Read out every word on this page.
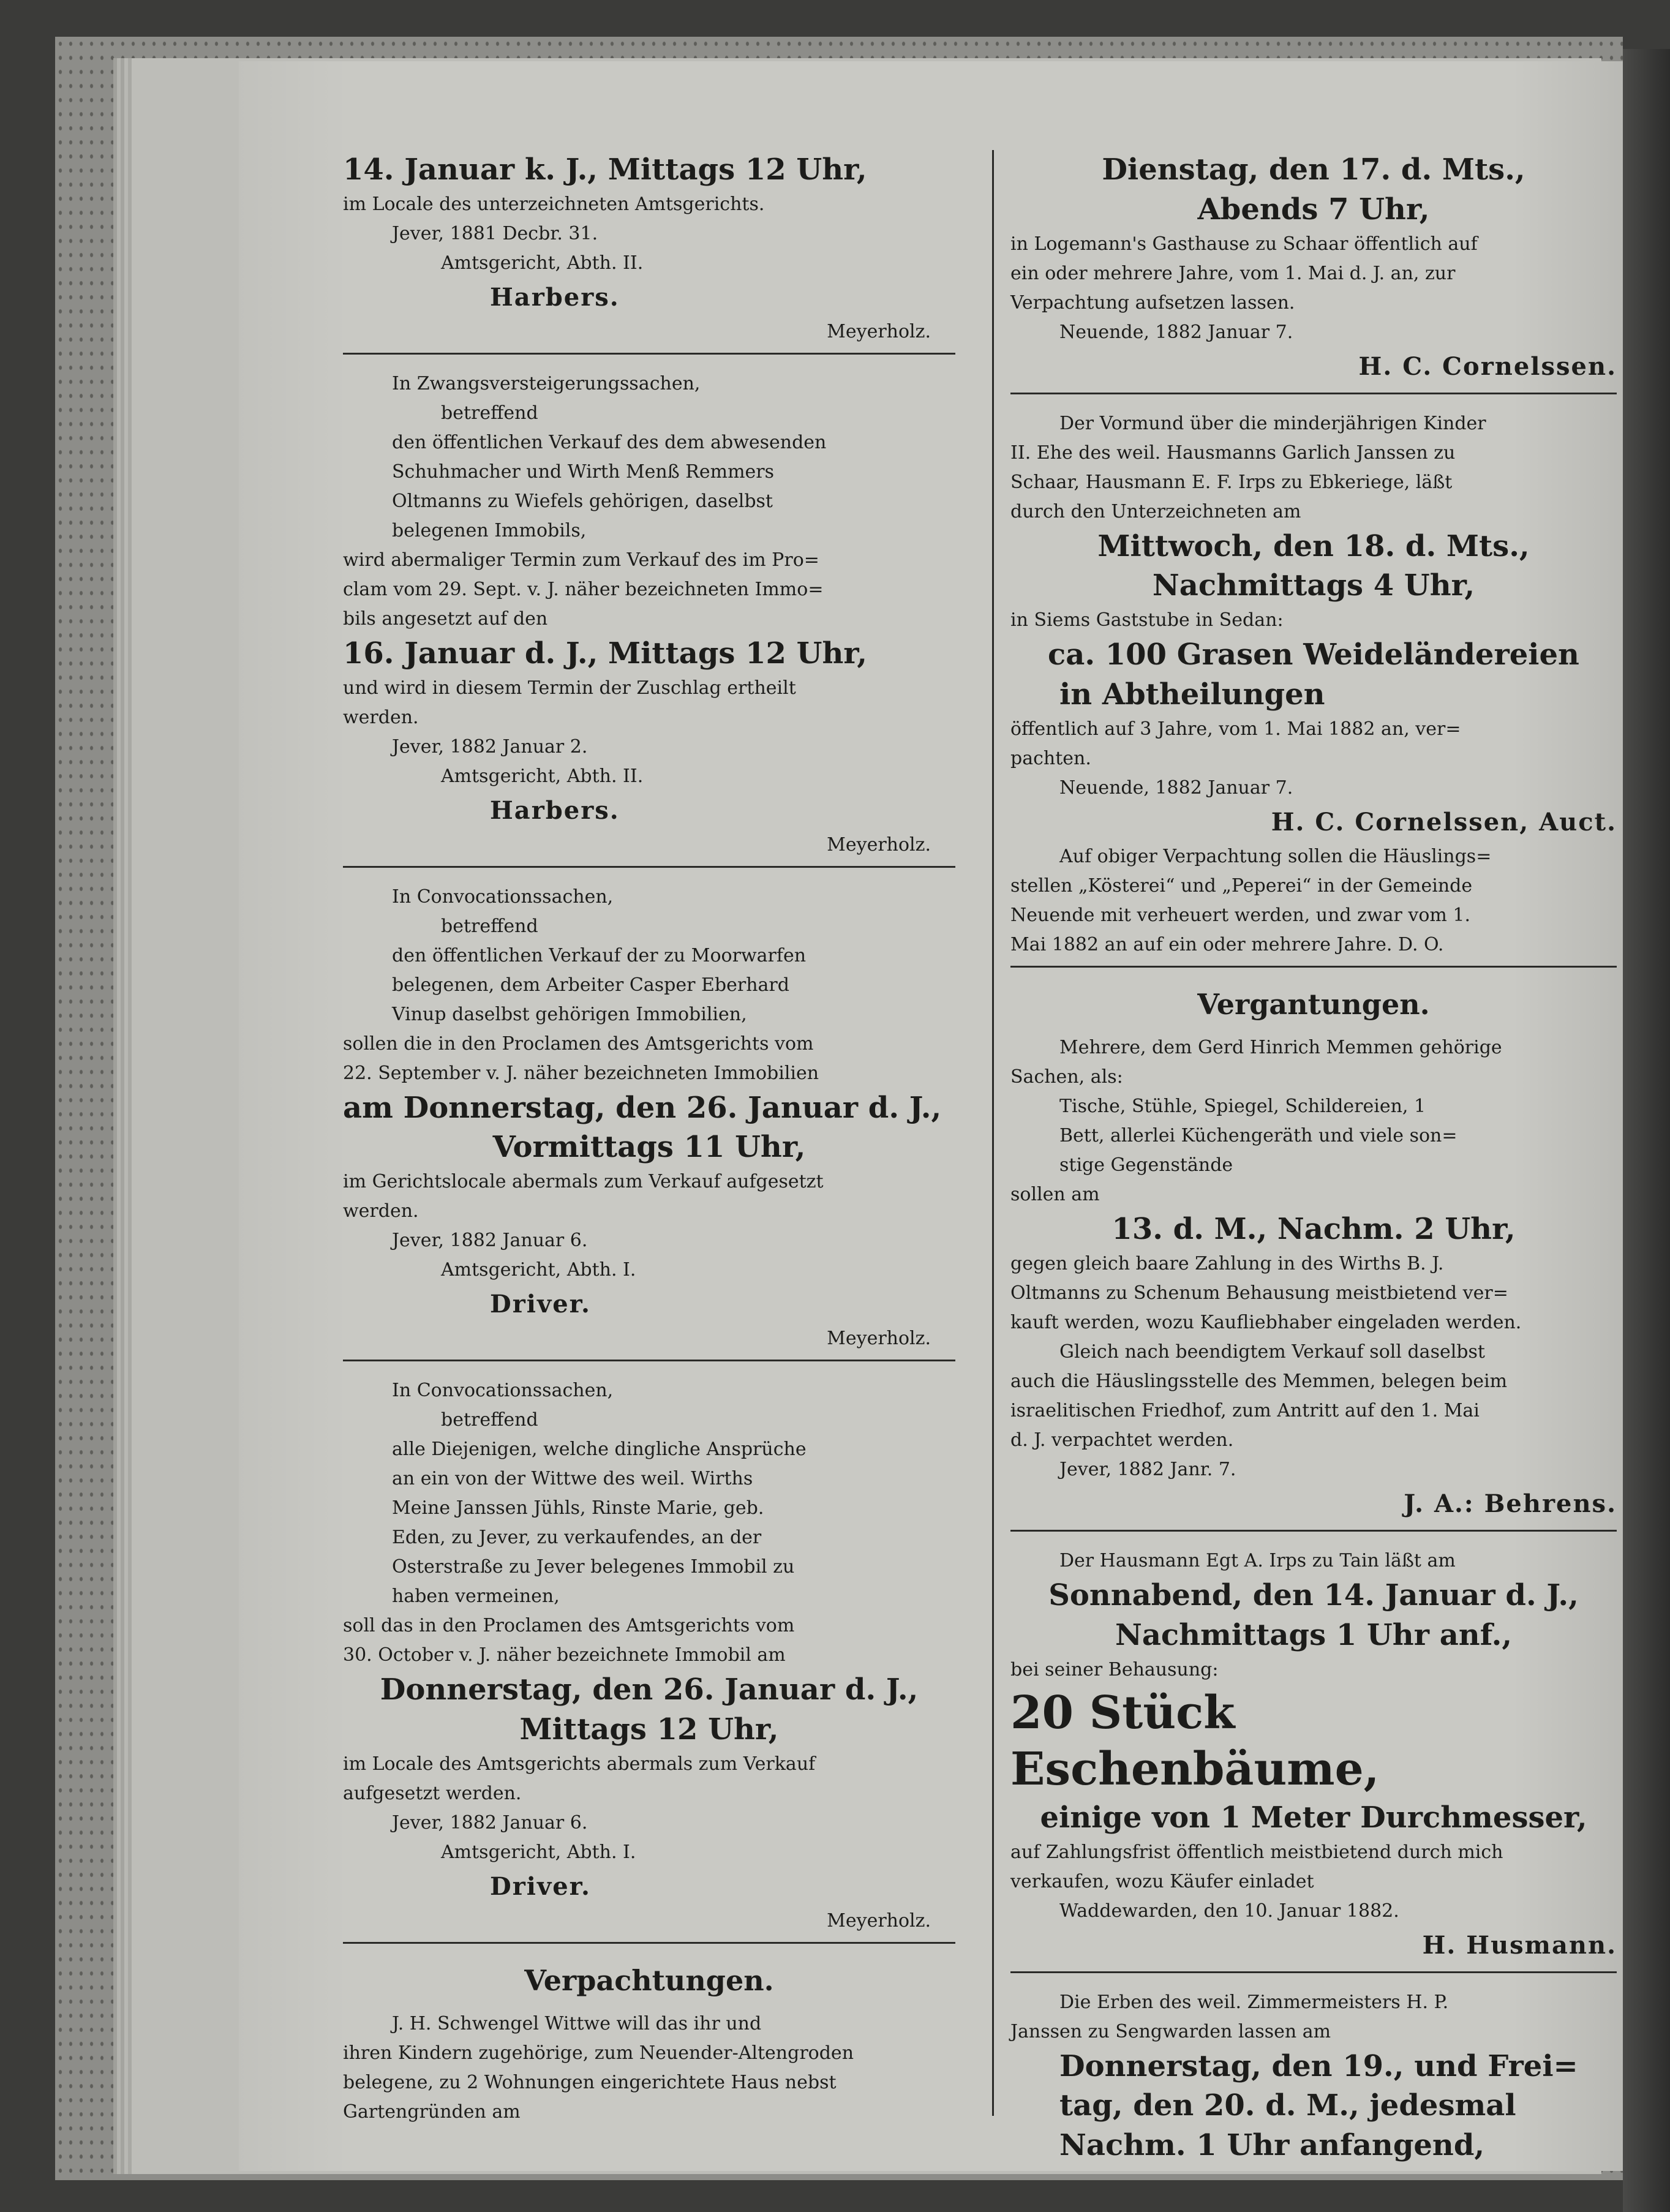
14. Januar k. J., Mittags 12 Uhr,

im Locale des unterzeichneten Amtsgerichts.

Jever, 1881 Decbr. 31.

Amtsgericht, Abth. II.

Harbers.

Meyerholz.

In Zwangsversteigerungssachen,

betreffend

den öffentlichen Verkauf des dem abwesenden

Schuhmacher und Wirth Menß Remmers

Oltmanns zu Wiefels gehörigen, daselbst

belegenen Immobils,

wird abermaliger Termin zum Verkauf des im Pro=

clam vom 29. Sept. v. J. näher bezeichneten Immo=

bils angesetzt auf den

16. Januar d. J., Mittags 12 Uhr,

und wird in diesem Termin der Zuschlag ertheilt

werden.

Jever, 1882 Januar 2.

Amtsgericht, Abth. II.

Harbers.

Meyerholz.

In Convocationssachen,

betreffend

den öffentlichen Verkauf der zu Moorwarfen

belegenen, dem Arbeiter Casper Eberhard

Vinup daselbst gehörigen Immobilien,

sollen die in den Proclamen des Amtsgerichts vom

22. September v. J. näher bezeichneten Immobilien

am Donnerstag, den 26. Januar d. J.,

Vormittags 11 Uhr,

im Gerichtslocale abermals zum Verkauf aufgesetzt

werden.

Jever, 1882 Januar 6.

Amtsgericht, Abth. I.

Driver.

Meyerholz.

In Convocationssachen,

betreffend

alle Diejenigen, welche dingliche Ansprüche

an ein von der Wittwe des weil. Wirths

Meine Janssen Jühls, Rinste Marie, geb.

Eden, zu Jever, zu verkaufendes, an der

Osterstraße zu Jever belegenes Immobil zu

haben vermeinen,

soll das in den Proclamen des Amtsgerichts vom

30. October v. J. näher bezeichnete Immobil am

Donnerstag, den 26. Januar d. J.,

Mittags 12 Uhr,

im Locale des Amtsgerichts abermals zum Verkauf

aufgesetzt werden.

Jever, 1882 Januar 6.

Amtsgericht, Abth. I.

Driver.

Meyerholz.

Verpachtungen.

J. H. Schwengel Wittwe will das ihr und

ihren Kindern zugehörige, zum Neuender-Altengroden

belegene, zu 2 Wohnungen eingerichtete Haus nebst

Gartengründen am

Dienstag, den 17. d. Mts.,

Abends 7 Uhr,

in Logemann's Gasthause zu Schaar öffentlich auf

ein oder mehrere Jahre, vom 1. Mai d. J. an, zur

Verpachtung aufsetzen lassen.

Neuende, 1882 Januar 7.

H. C. Cornelssen.

Der Vormund über die minderjährigen Kinder

II. Ehe des weil. Hausmanns Garlich Janssen zu

Schaar, Hausmann E. F. Irps zu Ebkeriege, läßt

durch den Unterzeichneten am

Mittwoch, den 18. d. Mts.,

Nachmittags 4 Uhr,

in Siems Gaststube in Sedan:

ca. 100 Grasen Weideländereien

in Abtheilungen

öffentlich auf 3 Jahre, vom 1. Mai 1882 an, ver=

pachten.

Neuende, 1882 Januar 7.

H. C. Cornelssen, Auct.

Auf obiger Verpachtung sollen die Häuslings=

stellen „Kösterei“ und „Peperei“ in der Gemeinde

Neuende mit verheuert werden, und zwar vom 1.

Mai 1882 an auf ein oder mehrere Jahre. D. O.

Vergantungen.

Mehrere, dem Gerd Hinrich Memmen gehörige

Sachen, als:

Tische, Stühle, Spiegel, Schildereien, 1

Bett, allerlei Küchengeräth und viele son=

stige Gegenstände

sollen am

13. d. M., Nachm. 2 Uhr,

gegen gleich baare Zahlung in des Wirths B. J.

Oltmanns zu Schenum Behausung meistbietend ver=

kauft werden, wozu Kaufliebhaber eingeladen werden.

Gleich nach beendigtem Verkauf soll daselbst

auch die Häuslingsstelle des Memmen, belegen beim

israelitischen Friedhof, zum Antritt auf den 1. Mai

d. J. verpachtet werden.

Jever, 1882 Janr. 7.

J. A.: Behrens.

Der Hausmann Egt A. Irps zu Tain läßt am

Sonnabend, den 14. Januar d. J.,

Nachmittags 1 Uhr anf.,

bei seiner Behausung:

20 Stück Eschenbäume,

einige von 1 Meter Durchmesser,

auf Zahlungsfrist öffentlich meistbietend durch mich

verkaufen, wozu Käufer einladet

Waddewarden, den 10. Januar 1882.

H. Husmann.

Die Erben des weil. Zimmermeisters H. P.

Janssen zu Sengwarden lassen am

Donnerstag, den 19., und Frei=

tag, den 20. d. M., jedesmal

Nachm. 1 Uhr anfangend,
